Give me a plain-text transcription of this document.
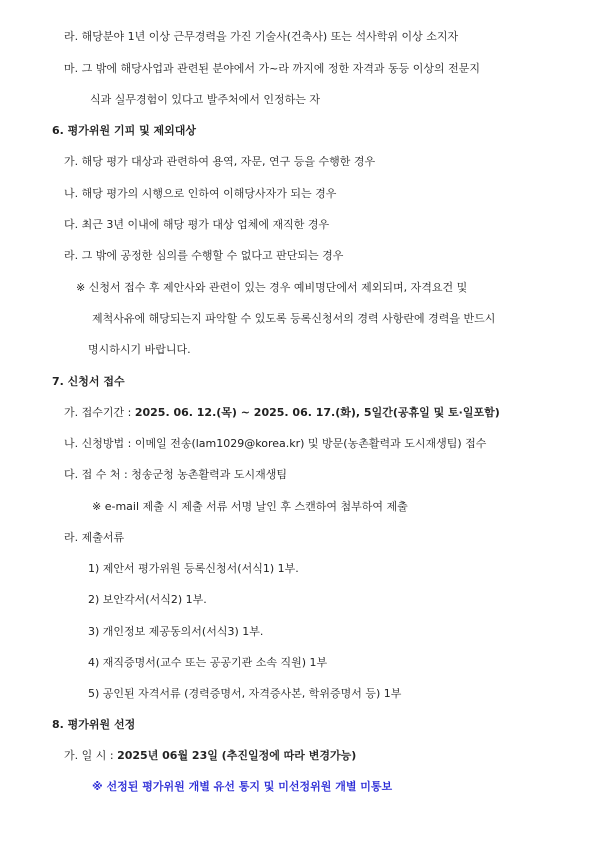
라. 해당분야 1년 이상 근무경력을 가진 기술사(건축사) 또는 석사학위 이상 소지자
마. 그 밖에 해당사업과 관련된 분야에서 가~라 까지에 정한 자격과 동등 이상의 전문지
식과 실무경험이 있다고 발주처에서 인정하는 자
6. 평가위원 기피 및 제외대상
가. 해당 평가 대상과 관련하여 용역, 자문, 연구 등을 수행한 경우
나. 해당 평가의 시행으로 인하여 이해당사자가 되는 경우
다. 최근 3년 이내에 해당 평가 대상 업체에 재직한 경우
라. 그 밖에 공정한 심의를 수행할 수 없다고 판단되는 경우
※ 신청서 접수 후 제안사와 관련이 있는 경우 예비명단에서 제외되며, 자격요건 및
제척사유에 해당되는지 파악할 수 있도록 등록신청서의 경력 사항란에 경력을 반드시
명시하시기 바랍니다.
7. 신청서 접수
가. 접수기간 : 2025. 06. 12.(목) ~ 2025. 06. 17.(화), 5일간(공휴일 및 토·일포함)
나. 신청방법 : 이메일 전송(lam1029@korea.kr) 및 방문(농촌활력과 도시재생팀) 접수
다. 접 수 처 : 청송군청 농촌활력과 도시재생팀
※ e-mail 제출 시 제출 서류 서명 날인 후 스캔하여 첨부하여 제출
라. 제출서류
1) 제안서 평가위원 등록신청서(서식1) 1부.
2) 보안각서(서식2) 1부.
3) 개인정보 제공동의서(서식3) 1부.
4) 재직증명서(교수 또는 공공기관 소속 직원) 1부
5) 공인된 자격서류 (경력증명서, 자격증사본, 학위증명서 등) 1부
8. 평가위원 선정
가. 일 시 : 2025년 06월 23일 (추진일정에 따라 변경가능)
※ 선정된 평가위원 개별 유선 통지 및 미선정위원 개별 미통보
